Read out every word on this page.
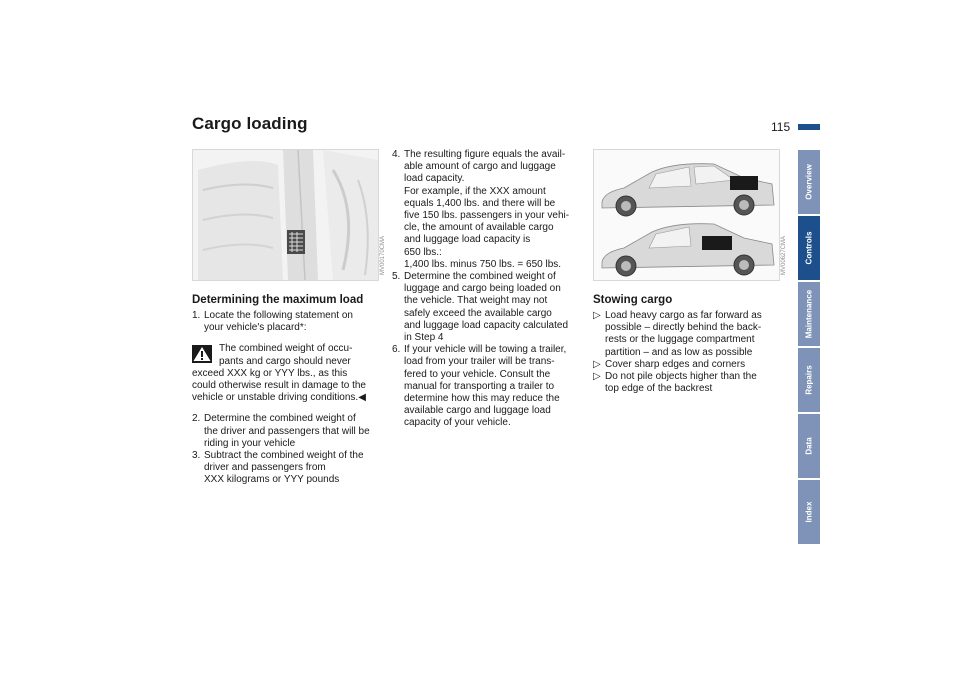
Cargo loading	115
Overview
Controls
Maintenance
Repairs
Data
Index
MV00170CMA	MV00627CMA
Determining the maximum load
1. Locate the following statement on

your vehicle's placard*:

The combined weight of occu-

pants and cargo should never

exceed XXX kg or YYY lbs., as this

could otherwise result in damage to the

vehicle or unstable driving conditions.◀

2. Determine the combined weight of

the driver and passengers that will be

riding in your vehicle

3. Subtract the combined weight of the

driver and passengers from

XXX kilograms or YYY pounds

4. The resulting figure equals the avail-

able amount of cargo and luggage

load capacity.

For example, if the XXX amount

equals 1,400 lbs. and there will be

five 150 lbs. passengers in your vehi-

cle, the amount of available cargo

and luggage load capacity is

650 lbs.:

1,400 lbs. minus 750 lbs. = 650 lbs.

5. Determine the combined weight of

luggage and cargo being loaded on

the vehicle. That weight may not

safely exceed the available cargo

and luggage load capacity calculated

in Step 4

6. If your vehicle will be towing a trailer,

load from your trailer will be trans-

fered to your vehicle. Consult the

manual for transporting a trailer to

determine how this may reduce the

available cargo and luggage load

capacity of your vehicle.

Stowing cargo
▷ Load heavy cargo as far forward as

possible – directly behind the back-

rests or the luggage compartment

partition – and as low as possible

▷ Cover sharp edges and corners

▷ Do not pile objects higher than the

top edge of the backrest
